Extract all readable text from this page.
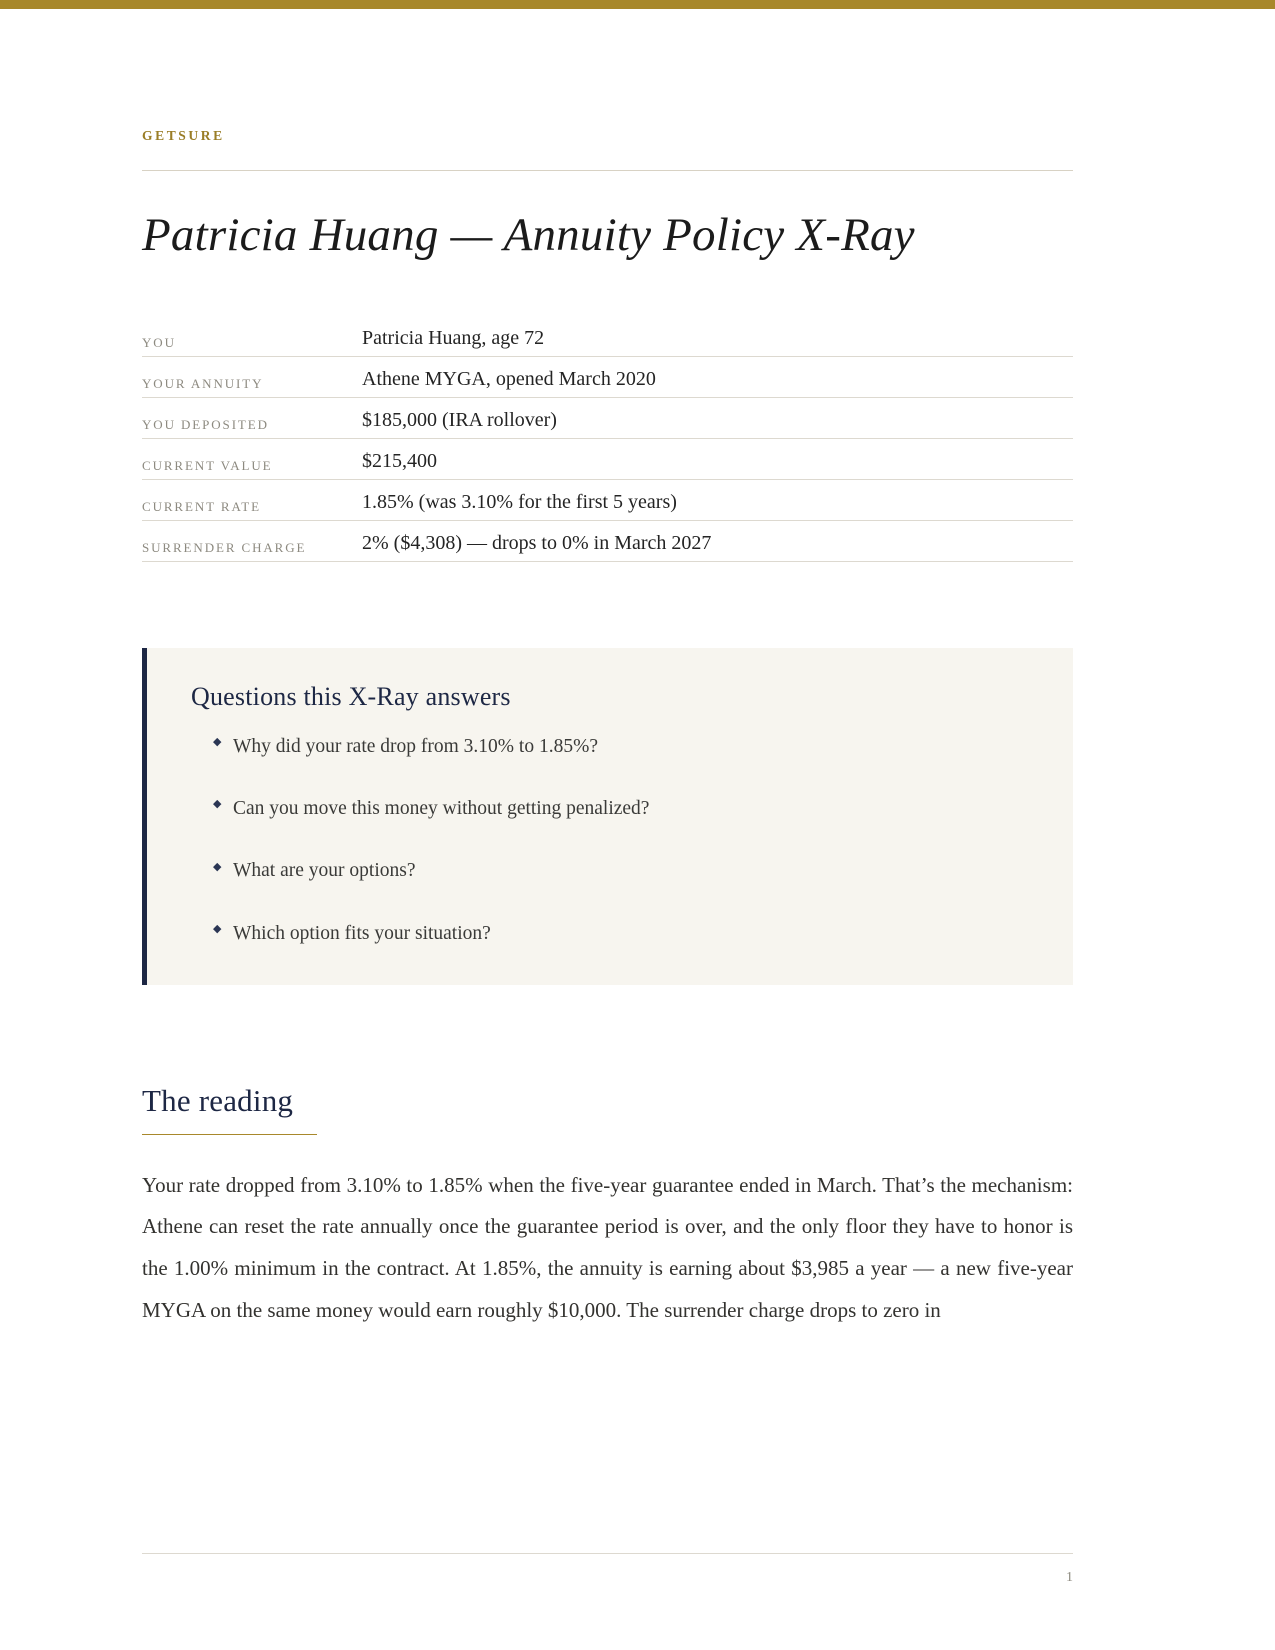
GETSURE
Patricia Huang — Annuity Policy X-Ray
YOU	Patricia Huang, age 72
YOUR ANNUITY	Athene MYGA, opened March 2020
YOU DEPOSITED	$185,000 (IRA rollover)
CURRENT VALUE	$215,400
CURRENT RATE	1.85% (was 3.10% for the first 5 years)
SURRENDER CHARGE	2% ($4,308) — drops to 0% in March 2027
Questions this X-Ray answers
◆ Why did your rate drop from 3.10% to 1.85%?
◆ Can you move this money without getting penalized?
◆ What are your options?
◆ Which option fits your situation?
The reading

Your rate dropped from 3.10% to 1.85% when the five-year guarantee ended in March. That’s the mechanism: Athene can reset the rate annually once the guarantee period is over, and the only floor they have to honor is the 1.00% minimum in the contract. At 1.85%, the annuity is earning about $3,985 a year — a new five-year MYGA on the same money would earn roughly $10,000. The surrender charge drops to zero in

1
